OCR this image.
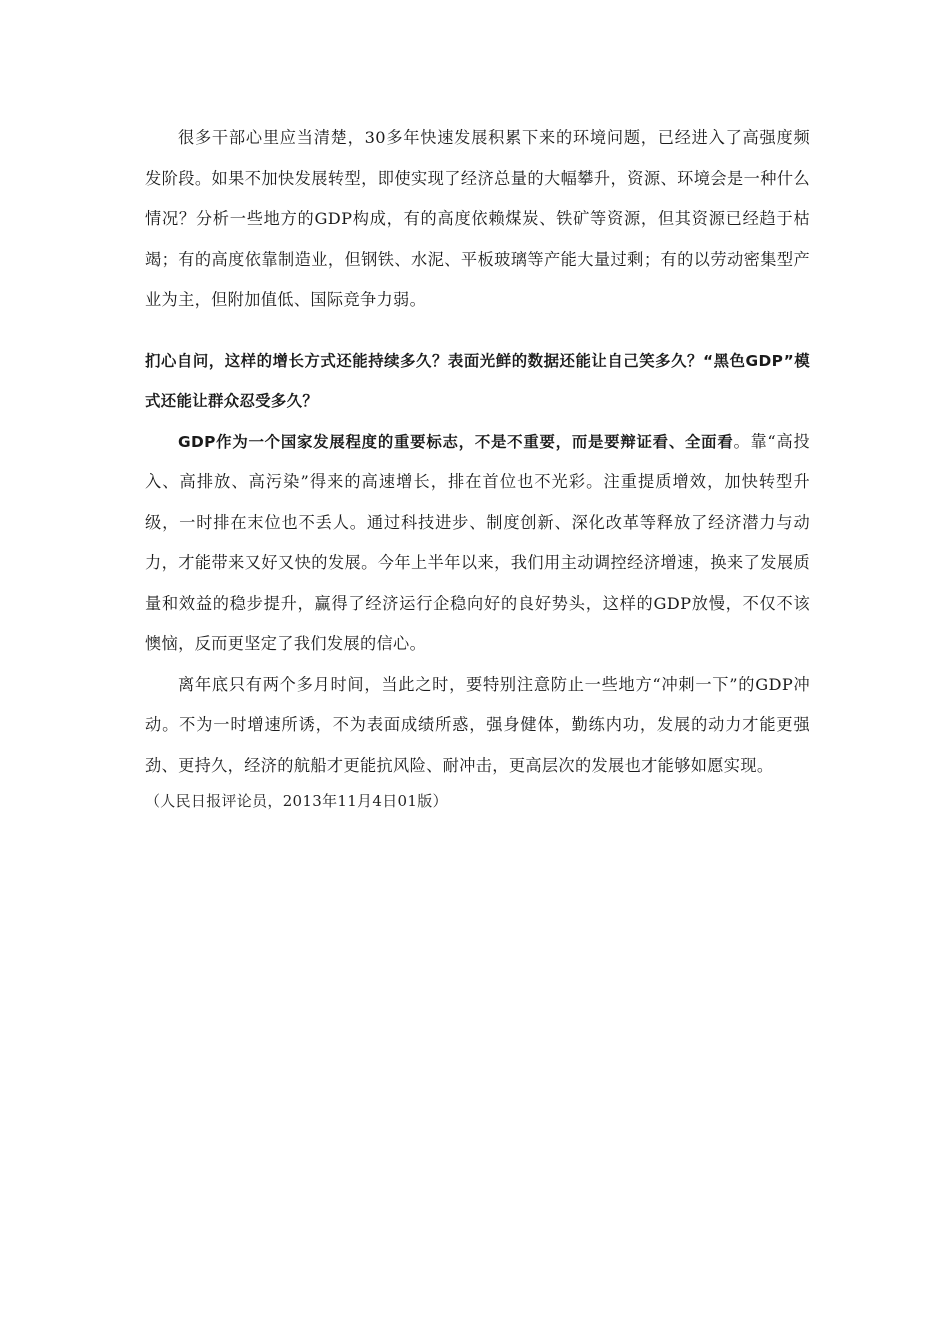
很多干部心里应当清楚，30多年快速发展积累下来的环境问题，已经进入了高强度频发阶段。如果不加快发展转型，即使实现了经济总量的大幅攀升，资源、环境会是一种什么情况？分析一些地方的GDP构成，有的高度依赖煤炭、铁矿等资源，但其资源已经趋于枯竭；有的高度依靠制造业，但钢铁、水泥、平板玻璃等产能大量过剩；有的以劳动密集型产业为主，但附加值低、国际竞争力弱。

扪心自问，这样的增长方式还能持续多久？表面光鲜的数据还能让自己笑多久？“黑色GDP”模式还能让群众忍受多久？

GDP作为一个国家发展程度的重要标志，不是不重要，而是要辩证看、全面看。靠“高投入、高排放、高污染”得来的高速增长，排在首位也不光彩。注重提质增效，加快转型升级，一时排在末位也不丢人。通过科技进步、制度创新、深化改革等释放了经济潜力与动力，才能带来又好又快的发展。今年上半年以来，我们用主动调控经济增速，换来了发展质量和效益的稳步提升，赢得了经济运行企稳向好的良好势头，这样的GDP放慢，不仅不该懊恼，反而更坚定了我们发展的信心。

离年底只有两个多月时间，当此之时，要特别注意防止一些地方“冲刺一下”的GDP冲动。不为一时增速所诱，不为表面成绩所惑，强身健体，勤练内功，发展的动力才能更强劲、更持久，经济的航船才更能抗风险、耐冲击，更高层次的发展也才能够如愿实现。

（人民日报评论员，2013年11月4日01版）
